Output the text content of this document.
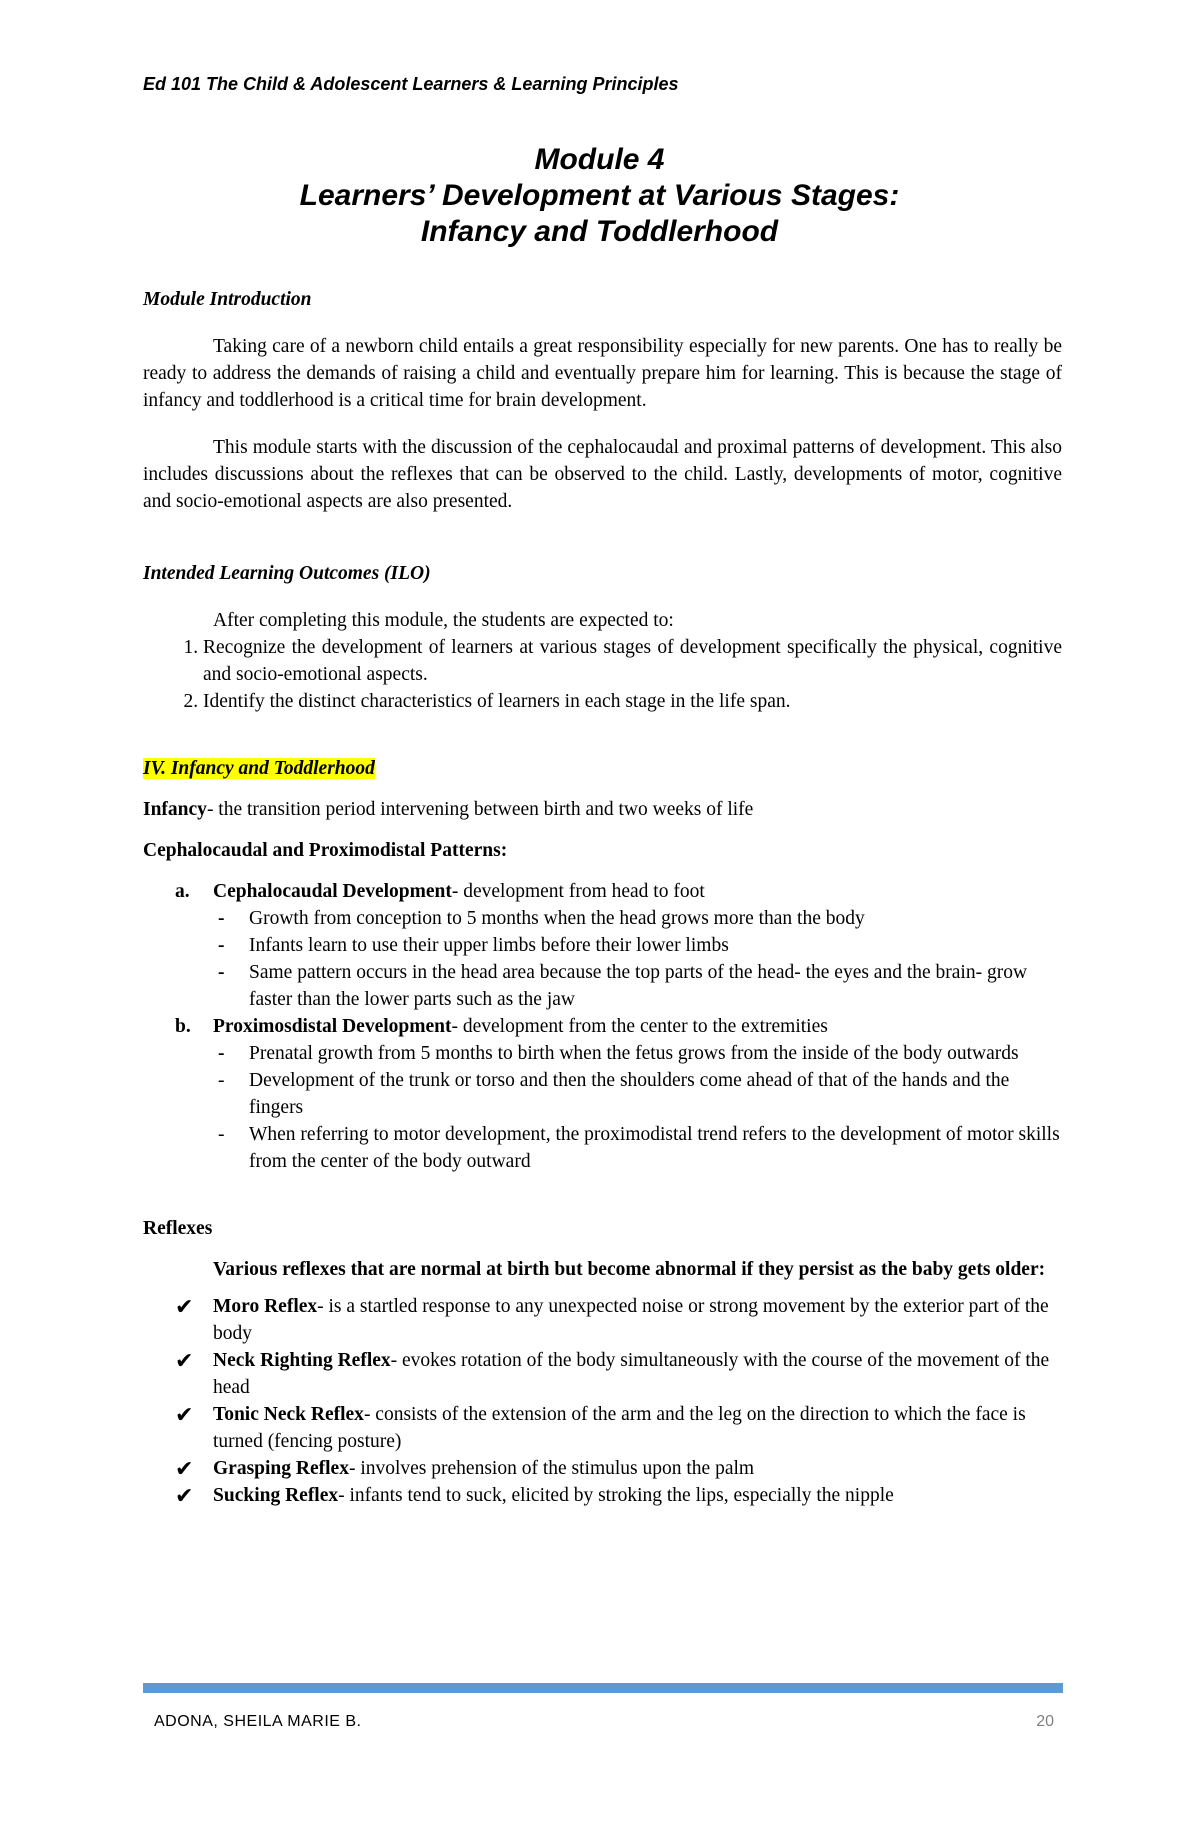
Ed 101 The Child & Adolescent Learners & Learning Principles
Module 4
Learners’ Development at Various Stages:
Infancy and Toddlerhood

Module Introduction

Taking care of a newborn child entails a great responsibility especially for new parents. One has to really be ready to address the demands of raising a child and eventually prepare him for learning. This is because the stage of infancy and toddlerhood is a critical time for brain development.

This module starts with the discussion of the cephalocaudal and proximal patterns of development. This also includes discussions about the reflexes that can be observed to the child. Lastly, developments of motor, cognitive and socio-emotional aspects are also presented.

Intended Learning Outcomes (ILO)

After completing this module, the students are expected to:

1. Recognize the development of learners at various stages of development specifically the physical, cognitive and socio-emotional aspects.
2. Identify the distinct characteristics of learners in each stage in the life span.

IV. Infancy and Toddlerhood

Infancy- the transition period intervening between birth and two weeks of life

Cephalocaudal and Proximodistal Patterns:

a. Cephalocaudal Development- development from head to foot
- Growth from conception to 5 months when the head grows more than the body
- Infants learn to use their upper limbs before their lower limbs
- Same pattern occurs in the head area because the top parts of the head- the eyes and the brain- grow faster than the lower parts such as the jaw
b. Proximosdistal Development- development from the center to the extremities
- Prenatal growth from 5 months to birth when the fetus grows from the inside of the body outwards
- Development of the trunk or torso and then the shoulders come ahead of that of the hands and the fingers
- When referring to motor development, the proximodistal trend refers to the development of motor skills from the center of the body outward

Reflexes

Various reflexes that are normal at birth but become abnormal if they persist as the baby gets older:

✔ Moro Reflex- is a startled response to any unexpected noise or strong movement by the exterior part of the body
✔ Neck Righting Reflex- evokes rotation of the body simultaneously with the course of the movement of the head
✔ Tonic Neck Reflex- consists of the extension of the arm and the leg on the direction to which the face is turned (fencing posture)
✔ Grasping Reflex- involves prehension of the stimulus upon the palm
✔ Sucking Reflex- infants tend to suck, elicited by stroking the lips, especially the nipple
ADONA, SHEILA MARIE B.	20
